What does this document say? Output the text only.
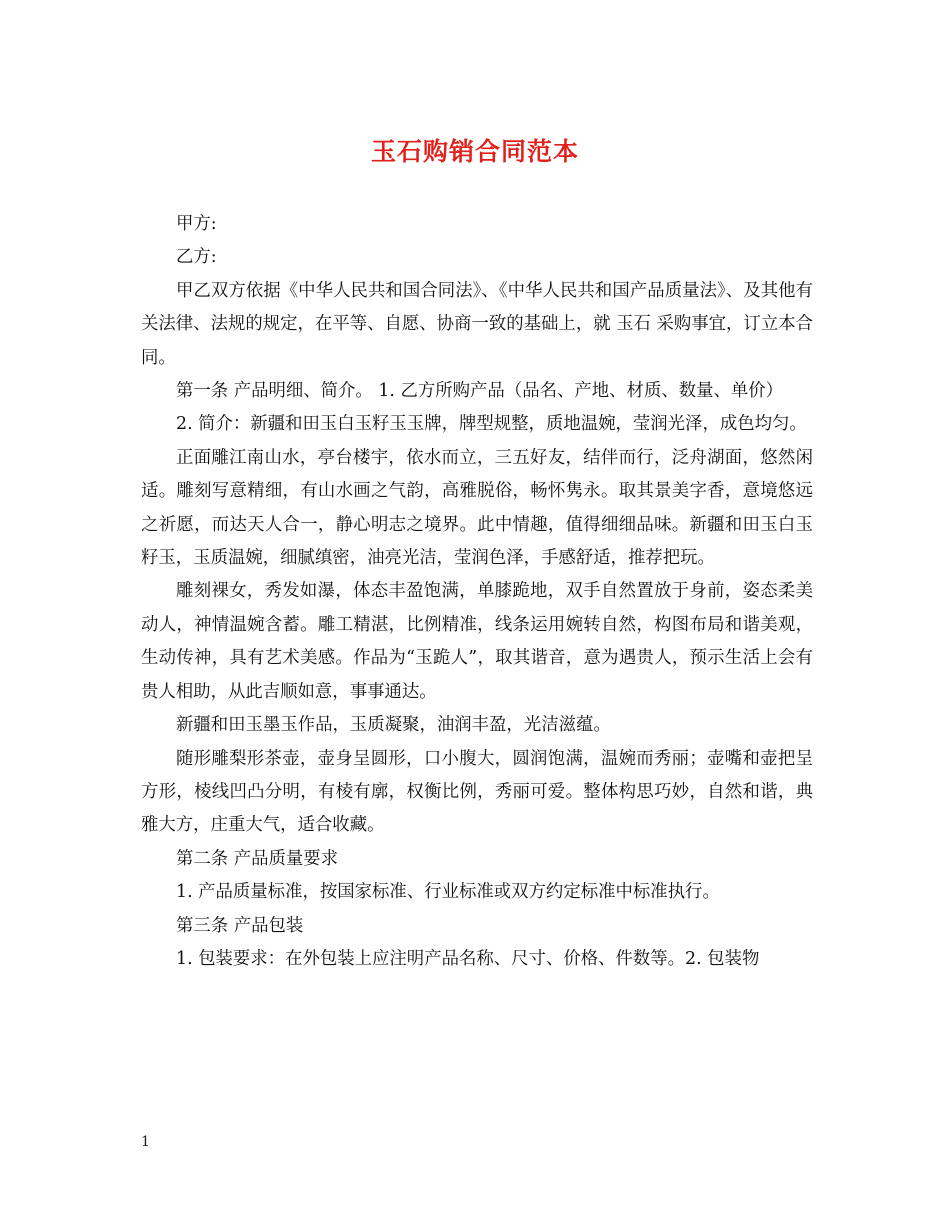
玉石购销合同范本

甲方:

乙方:

甲乙双方依据《中华人民共和国合同法》、《中华人民共和国产品质量法》、及其他有关法律、法规的规定，在平等、自愿、协商一致的基础上，就 玉石 采购事宜，订立本合同。

第一条 产品明细、简介。 1. 乙方所购产品（品名、产地、材质、数量、单价）

2. 简介：新疆和田玉白玉籽玉玉牌，牌型规整，质地温婉，莹润光泽，成色均匀。

正面雕江南山水，亭台楼宇，依水而立，三五好友，结伴而行，泛舟湖面，悠然闲适。雕刻写意精细，有山水画之气韵，高雅脱俗，畅怀隽永。取其景美字香，意境悠远之祈愿，而达天人合一，静心明志之境界。此中情趣，值得细细品味。新疆和田玉白玉籽玉，玉质温婉，细腻缜密，油亮光洁，莹润色泽，手感舒适，推荐把玩。

雕刻裸女，秀发如瀑，体态丰盈饱满，单膝跪地，双手自然置放于身前，姿态柔美动人，神情温婉含蓄。雕工精湛，比例精准，线条运用婉转自然，构图布局和谐美观，生动传神，具有艺术美感。作品为“玉跪人”，取其谐音，意为遇贵人，预示生活上会有贵人相助，从此吉顺如意，事事通达。

新疆和田玉墨玉作品，玉质凝聚，油润丰盈，光洁滋蕴。

随形雕梨形茶壶，壶身呈圆形，口小腹大，圆润饱满，温婉而秀丽；壶嘴和壶把呈方形，棱线凹凸分明，有棱有廓，权衡比例，秀丽可爱。整体构思巧妙，自然和谐，典雅大方，庄重大气，适合收藏。

第二条 产品质量要求

1. 产品质量标准，按国家标准、行业标准或双方约定标准中标准执行。

第三条 产品包装

1. 包装要求：在外包装上应注明产品名称、尺寸、价格、件数等。2. 包装物

1
